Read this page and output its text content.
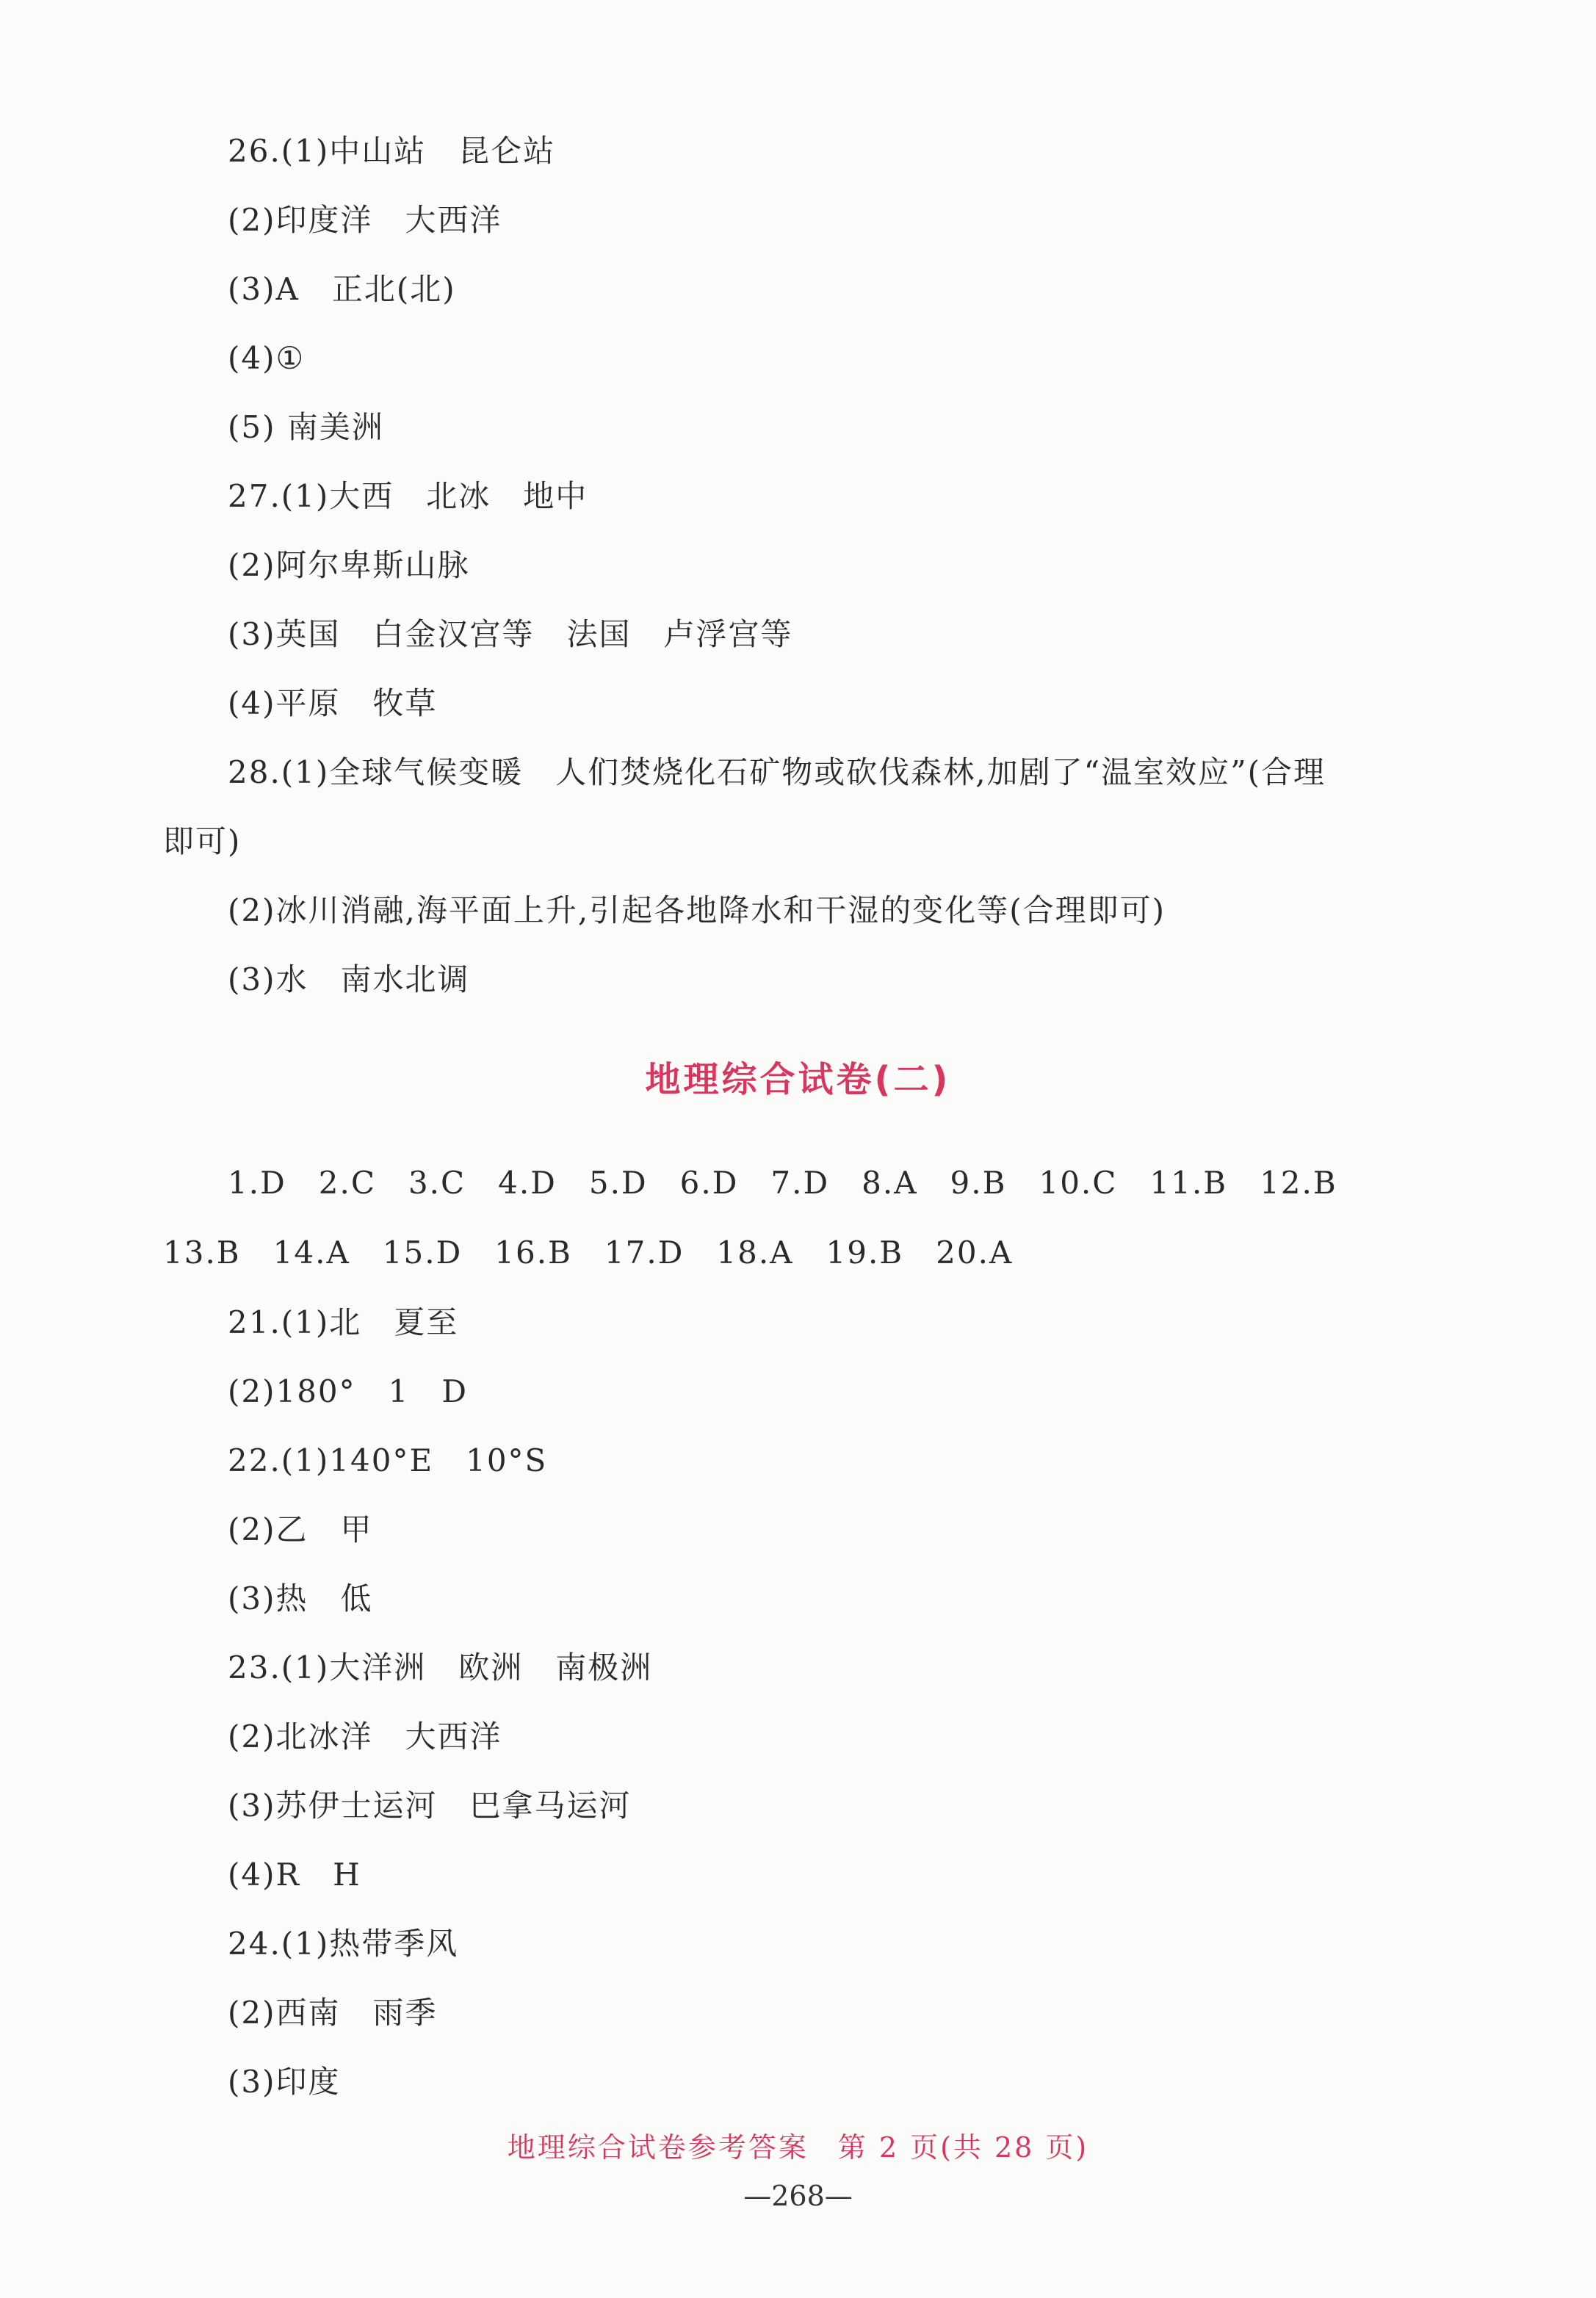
26.(1)中山站　昆仑站
(2)印度洋　大西洋
(3)A　正北(北)
(4)①
(5) 南美洲
27.(1)大西　北冰　地中
(2)阿尔卑斯山脉
(3)英国　白金汉宫等　法国　卢浮宫等
(4)平原　牧草
28.(1)全球气候变暖　人们焚烧化石矿物或砍伐森林,加剧了“温室效应”(合理
即可)
(2)冰川消融,海平面上升,引起各地降水和干湿的变化等(合理即可)
(3)水　南水北调
地理综合试卷(二)
1.D　2.C　3.C　4.D　5.D　6.D　7.D　8.A　9.B　10.C　11.B　12.B
13.B　14.A　15.D　16.B　17.D　18.A　19.B　20.A
21.(1)北　夏至
(2)180°　1　D
22.(1)140°E　10°S
(2)乙　甲
(3)热　低
23.(1)大洋洲　欧洲　南极洲
(2)北冰洋　大西洋
(3)苏伊士运河　巴拿马运河
(4)R　H
24.(1)热带季风
(2)西南　雨季
(3)印度
地理综合试卷参考答案 第 2 页(共 28 页)
—268—
